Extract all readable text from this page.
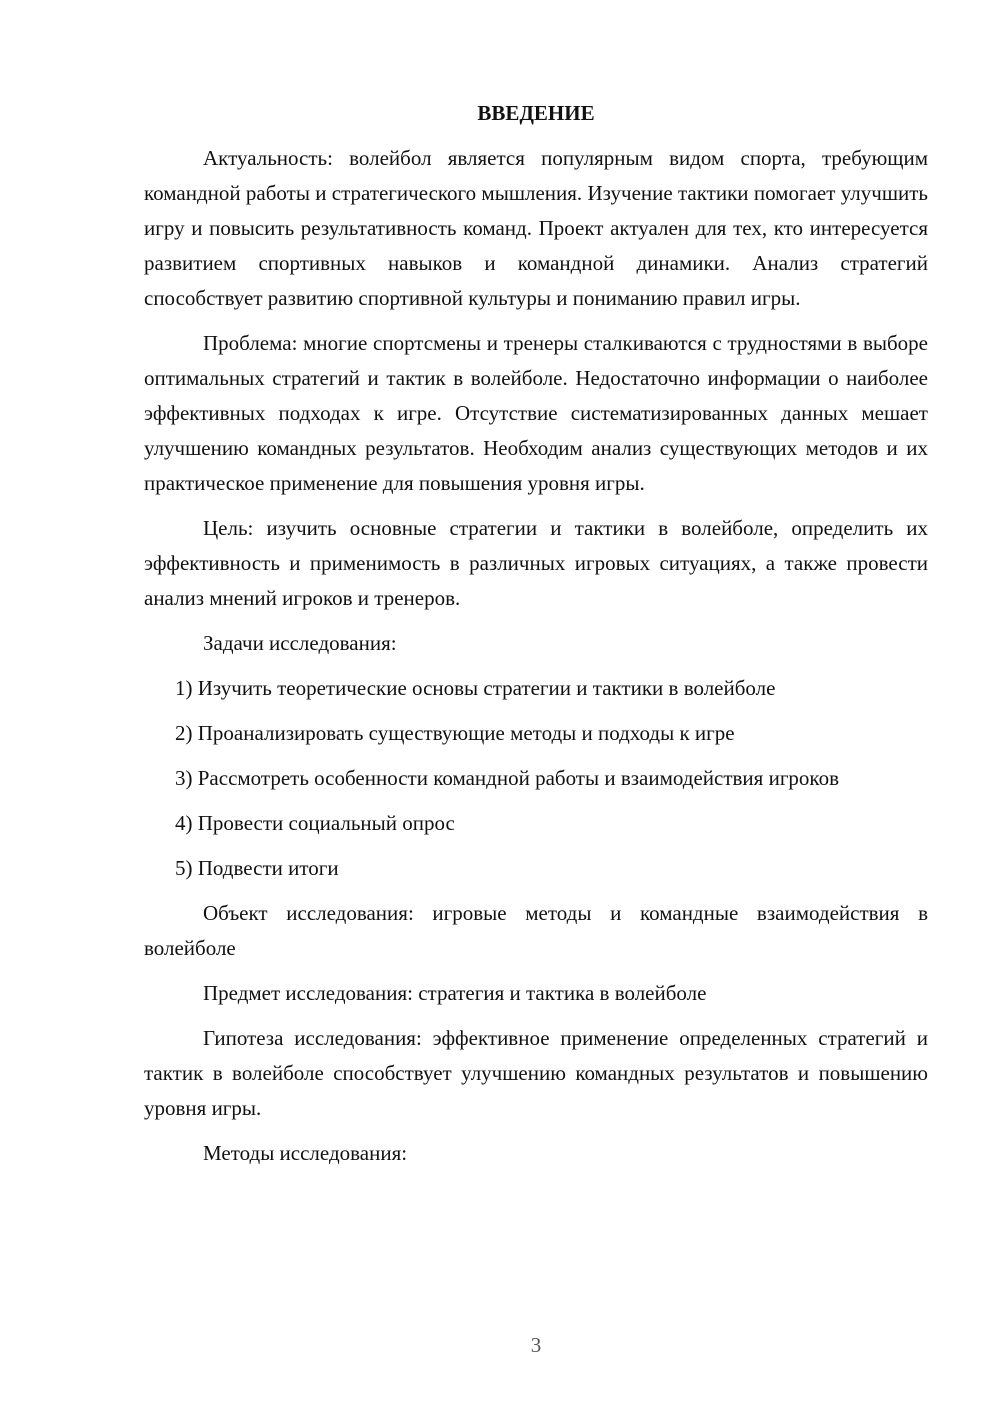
ВВЕДЕНИЕ

Актуальность: волейбол является популярным видом спорта, требующим командной работы и стратегического мышления. Изучение тактики помогает улучшить игру и повысить результативность команд. Проект актуален для тех, кто интересуется развитием спортивных навыков и командной динамики. Анализ стратегий способствует развитию спортивной культуры и пониманию правил игры.

Проблема: многие спортсмены и тренеры сталкиваются с трудностями в выборе оптимальных стратегий и тактик в волейболе. Недостаточно информации о наиболее эффективных подходах к игре. Отсутствие систематизированных данных мешает улучшению командных результатов. Необходим анализ существующих методов и их практическое применение для повышения уровня игры.

Цель: изучить основные стратегии и тактики в волейболе, определить их эффективность и применимость в различных игровых ситуациях, а также провести анализ мнений игроков и тренеров.

Задачи исследования:

1) Изучить теоретические основы стратегии и тактики в волейболе

2) Проанализировать существующие методы и подходы к игре

3) Рассмотреть особенности командной работы и взаимодействия игроков

4) Провести социальный опрос

5) Подвести итоги

Объект исследования: игровые методы и командные взаимодействия в волейболе

Предмет исследования: стратегия и тактика в волейболе

Гипотеза исследования: эффективное применение определенных стратегий и тактик в волейболе способствует улучшению командных результатов и повышению уровня игры.

Методы исследования:

3
